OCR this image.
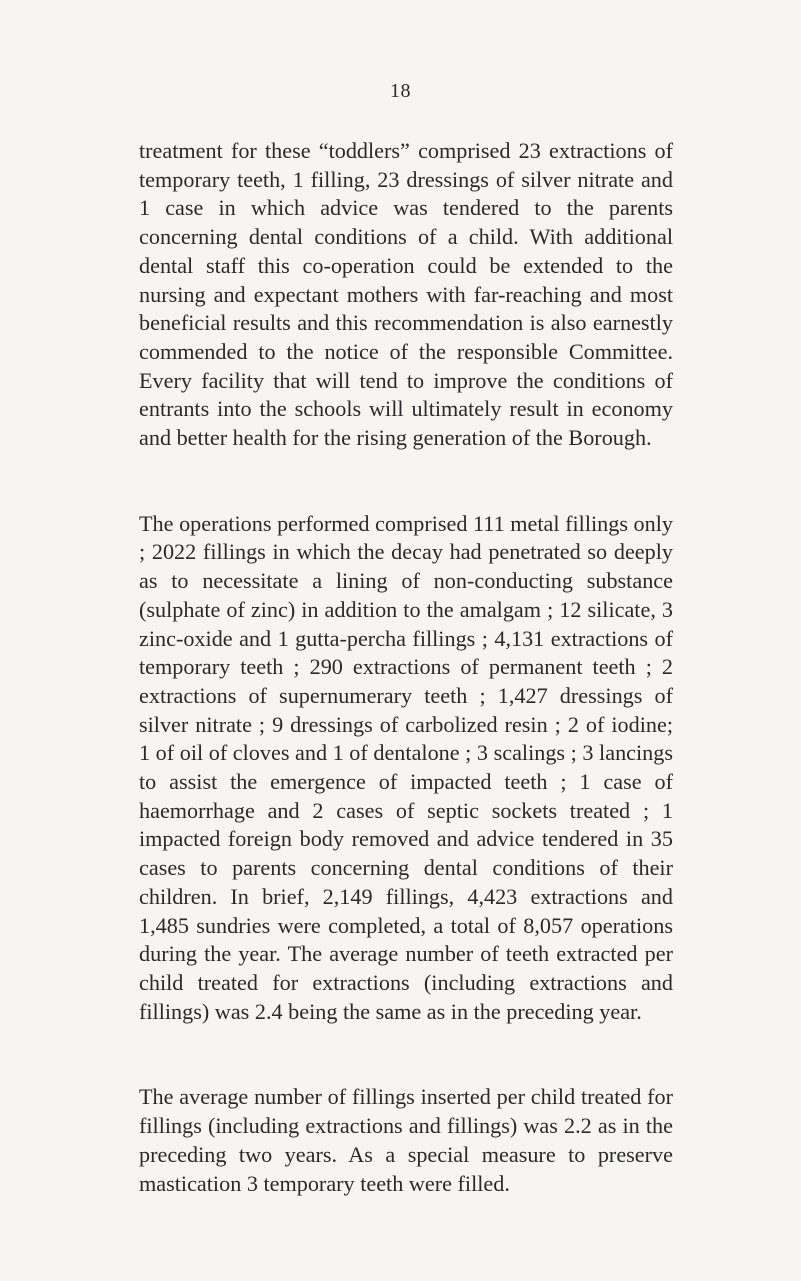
18

treatment for these “toddlers” comprised 23 extractions of temporary teeth, 1 filling, 23 dressings of silver nitrate and 1 case in which advice was tendered to the parents concerning dental conditions of a child. With additional dental staff this co-operation could be extended to the nursing and expectant mothers with far-reaching and most beneficial results and this recommendation is also earnestly commended to the notice of the responsible Committee. Every facility that will tend to improve the conditions of entrants into the schools will ultimately result in economy and better health for the rising generation of the Borough.

The operations performed comprised 111 metal fillings only ; 2022 fillings in which the decay had penetrated so deeply as to necessitate a lining of non-conducting substance (sulphate of zinc) in addition to the amalgam ; 12 silicate, 3 zinc-oxide and 1 gutta-percha fillings ; 4,131 extractions of temporary teeth ; 290 extractions of permanent teeth ; 2 extractions of supernumerary teeth ; 1,427 dressings of silver nitrate ; 9 dressings of carbolized resin ; 2 of iodine; 1 of oil of cloves and 1 of dentalone ; 3 scalings ; 3 lancings to assist the emergence of impacted teeth ; 1 case of haemorrhage and 2 cases of septic sockets treated ; 1 impacted foreign body removed and advice tendered in 35 cases to parents concerning dental conditions of their children. In brief, 2,149 fillings, 4,423 extractions and 1,485 sundries were completed, a total of 8,057 operations during the year. The average number of teeth extracted per child treated for extractions (including extractions and fillings) was 2.4 being the same as in the preceding year.

The average number of fillings inserted per child treated for fillings (including extractions and fillings) was 2.2 as in the preceding two years. As a special measure to preserve mastication 3 temporary teeth were filled.
